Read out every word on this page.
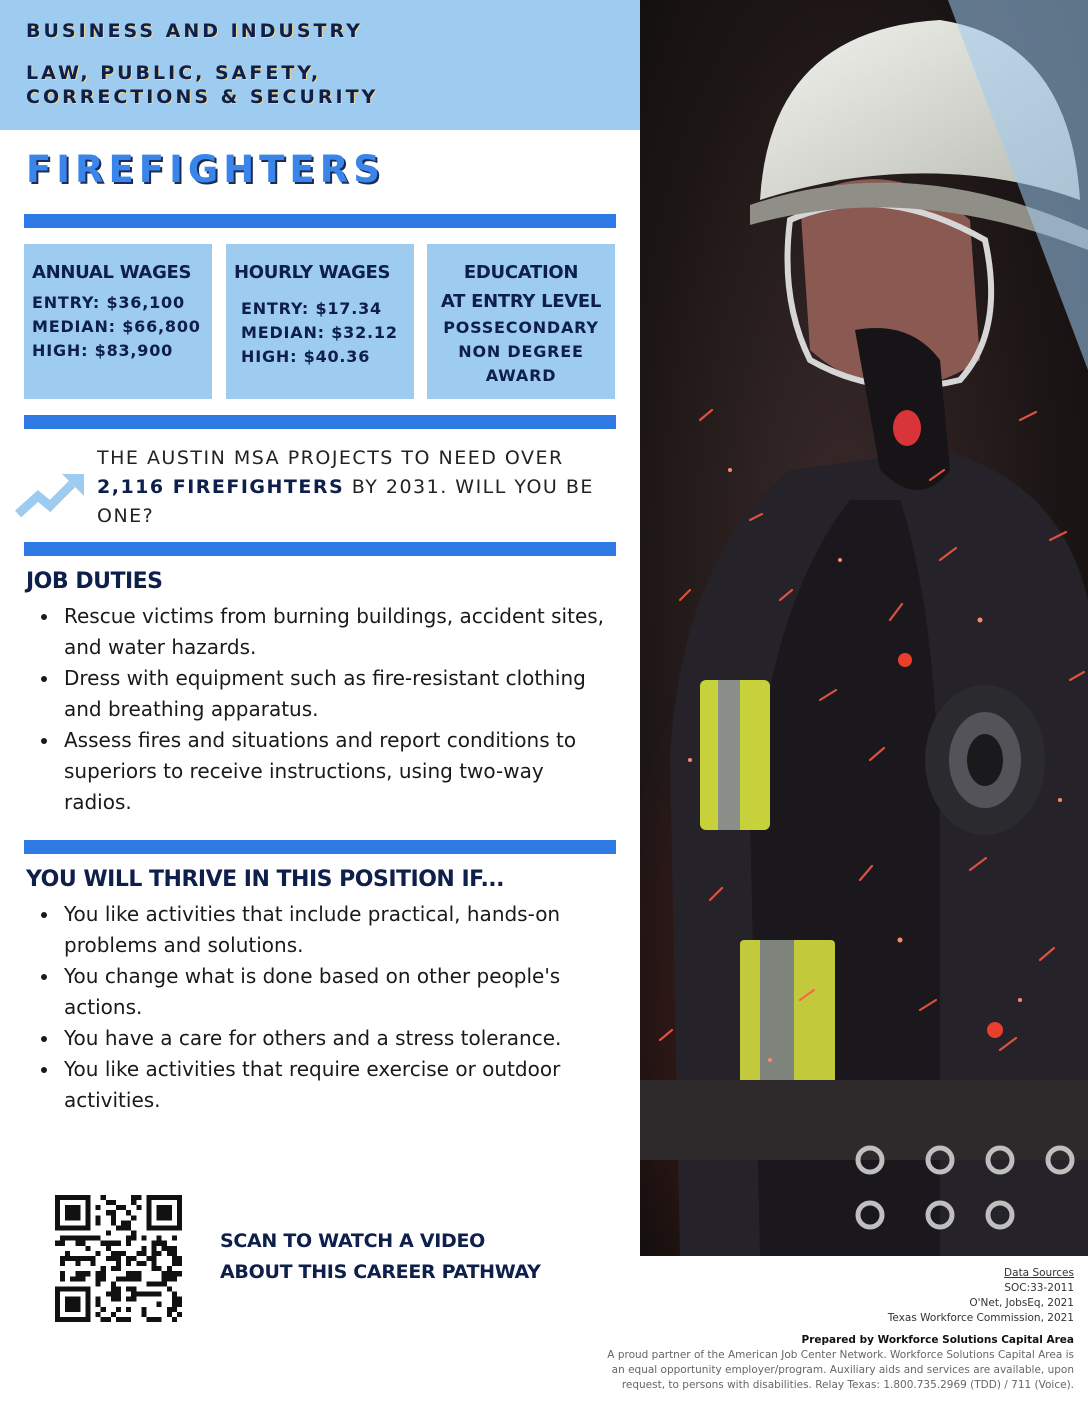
BUSINESS AND INDUSTRY
LAW, PUBLIC, SAFETY,
CORRECTIONS & SECURITY
FIREFIGHTERS
ANNUAL WAGES
ENTRY: $36,100
MEDIAN: $66,800
HIGH: $83,900
HOURLY WAGES
ENTRY: $17.34
MEDIAN: $32.12
HIGH: $40.36
EDUCATION
AT ENTRY LEVEL
POSSECONDARY
NON DEGREE
AWARD
THE AUSTIN MSA PROJECTS TO NEED OVER 2,116 FIREFIGHTERS BY 2031. WILL YOU BE ONE?
JOB DUTIES
Rescue victims from burning buildings, accident sites, and water hazards.
Dress with equipment such as fire-resistant clothing and breathing apparatus.
Assess fires and situations and report conditions to superiors to receive instructions, using two-way radios.
YOU WILL THRIVE IN THIS POSITION IF...
You like activities that include practical, hands-on problems and solutions.
You change what is done based on other people's actions.
You have a care for others and a stress tolerance.
You like activities that require exercise or outdoor activities.
SCAN TO WATCH A VIDEO
ABOUT THIS CAREER PATHWAY	Data Sources
SOC:33-2011
O'Net, JobsEq, 2021
Texas Workforce Commission, 2021
Prepared by Workforce Solutions Capital Area
A proud partner of the American Job Center Network. Workforce Solutions Capital Area is an equal opportunity employer/program. Auxiliary aids and services are available, upon request, to persons with disabilities. Relay Texas: 1.800.735.2969 (TDD) / 711 (Voice).
